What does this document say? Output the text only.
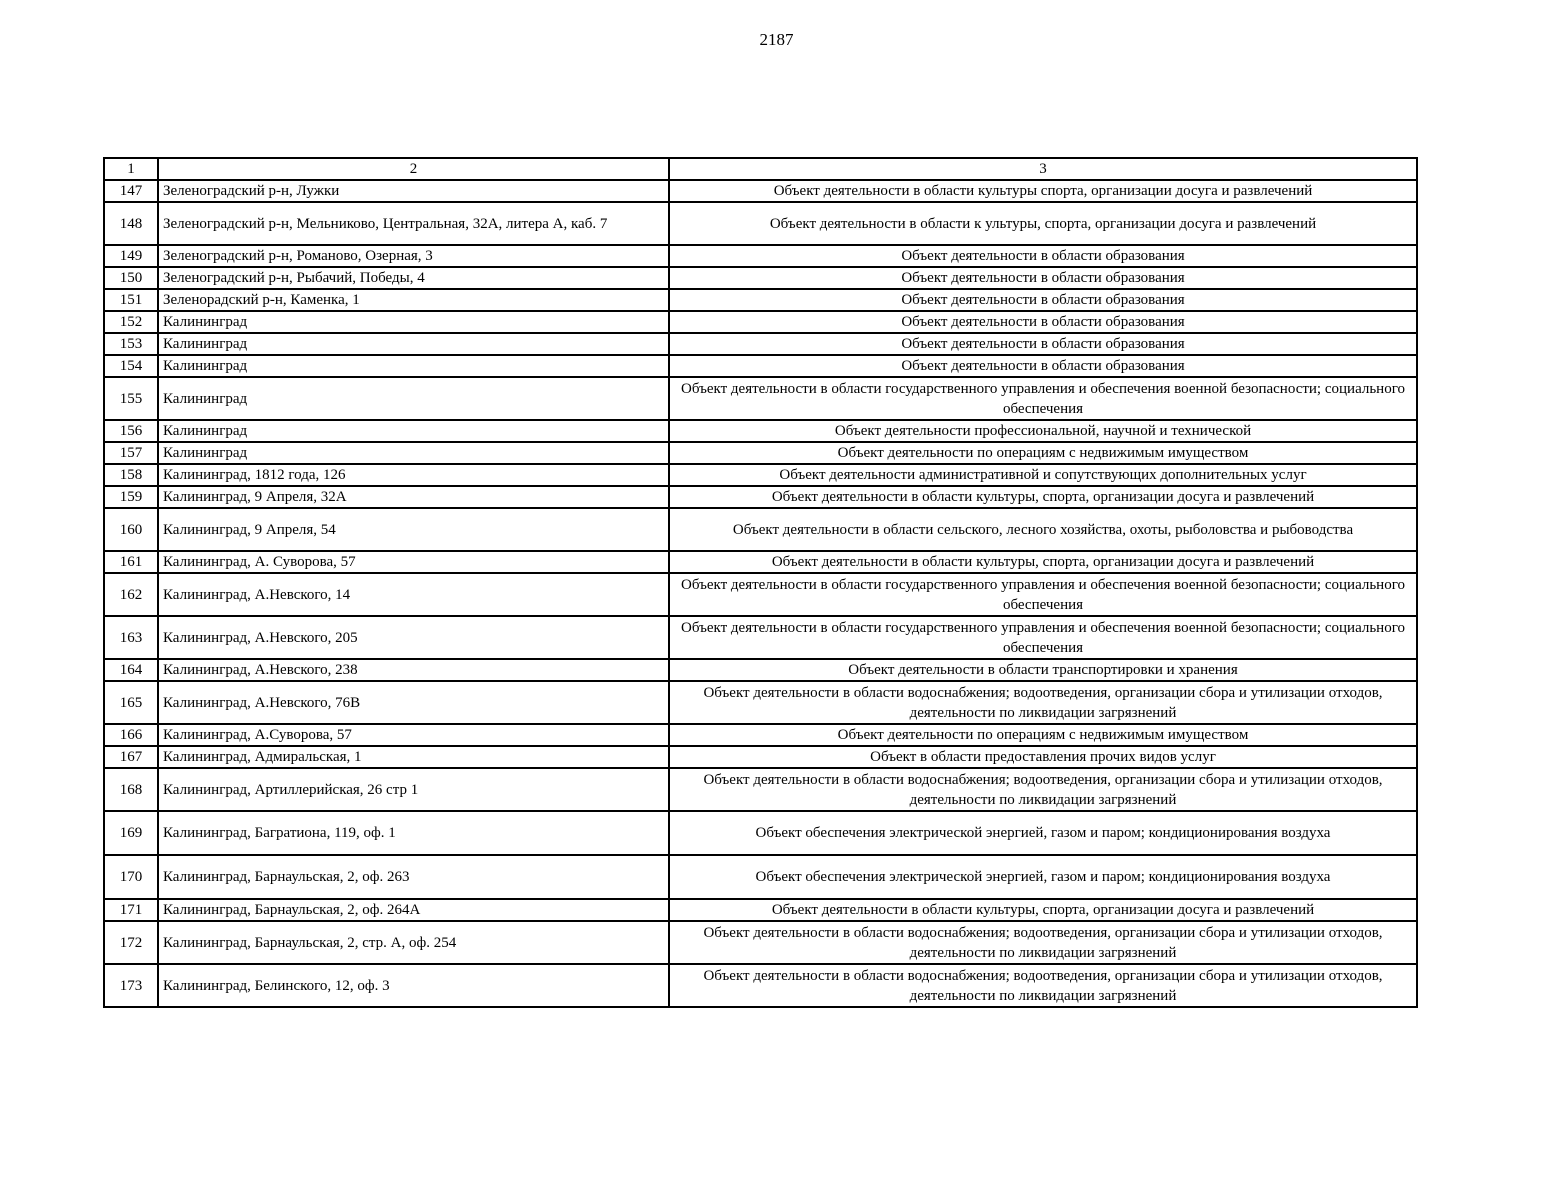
2187
1	2	3
147	Зеленоградский р-н, Лужки	Объект деятельности в области культуры спорта, организации досуга и развлечений
148	Зеленоградский р-н, Мельниково, Центральная, 32А, литера А, каб. 7	Объект деятельности в области к ультуры, спорта, организации досуга и развлечений
149	Зеленоградский р-н, Романово, Озерная, 3	Объект деятельности в области образования
150	Зеленоградский р-н, Рыбачий, Победы, 4	Объект деятельности в области образования
151	Зеленорадский р-н, Каменка, 1	Объект деятельности в области образования
152	Калининград	Объект деятельности в области образования
153	Калининград	Объект деятельности в области образования
154	Калининград	Объект деятельности в области образования
155	Калининград	Объект деятельности в области государственного управления и обеспечения военной безопасности; социального обеспечения
156	Калининград	Объект деятельности профессиональной, научной и технической
157	Калининград	Объект деятельности по операциям с недвижимым имуществом
158	Калининград, 1812 года, 126	Объект деятельности административной и сопутствующих дополнительных услуг
159	Калининград, 9 Апреля, 32А	Объект деятельности в области культуры, спорта, организации досуга и развлечений
160	Калининград, 9 Апреля, 54	Объект деятельности в области сельского, лесного хозяйства, охоты, рыболовства и рыбоводства
161	Калининград, А. Суворова, 57	Объект деятельности в области культуры, спорта, организации досуга и развлечений
162	Калининград, А.Невского, 14	Объект деятельности в области государственного управления и обеспечения военной безопасности; социального обеспечения
163	Калининград, А.Невского, 205	Объект деятельности в области государственного управления и обеспечения военной безопасности; социального обеспечения
164	Калининград, А.Невского, 238	Объект деятельности в области транспортировки и хранения
165	Калининград, А.Невского, 76В	Объект деятельности в области водоснабжения; водоотведения, организации сбора и утилизации отходов, деятельности по ликвидации загрязнений
166	Калининград, А.Суворова, 57	Объект деятельности по операциям с недвижимым имуществом
167	Калининград, Адмиральская, 1	Объект в области предоставления прочих видов услуг
168	Калининград, Артиллерийская, 26 стр 1	Объект деятельности в области водоснабжения; водоотведения, организации сбора и утилизации отходов, деятельности по ликвидации загрязнений
169	Калининград, Багратиона, 119, оф. 1	Объект обеспечения электрической энергией, газом и паром; кондиционирования воздуха
170	Калининград, Барнаульская, 2, оф. 263	Объект обеспечения электрической энергией, газом и паром; кондиционирования воздуха
171	Калининград, Барнаульская, 2, оф. 264А	Объект деятельности в области культуры, спорта, организации досуга и развлечений
172	Калининград, Барнаульская, 2, стр. А, оф. 254	Объект деятельности в области водоснабжения; водоотведения, организации сбора и утилизации отходов, деятельности по ликвидации загрязнений
173	Калининград, Белинского, 12, оф. 3	Объект деятельности в области водоснабжения; водоотведения, организации сбора и утилизации отходов, деятельности по ликвидации загрязнений
